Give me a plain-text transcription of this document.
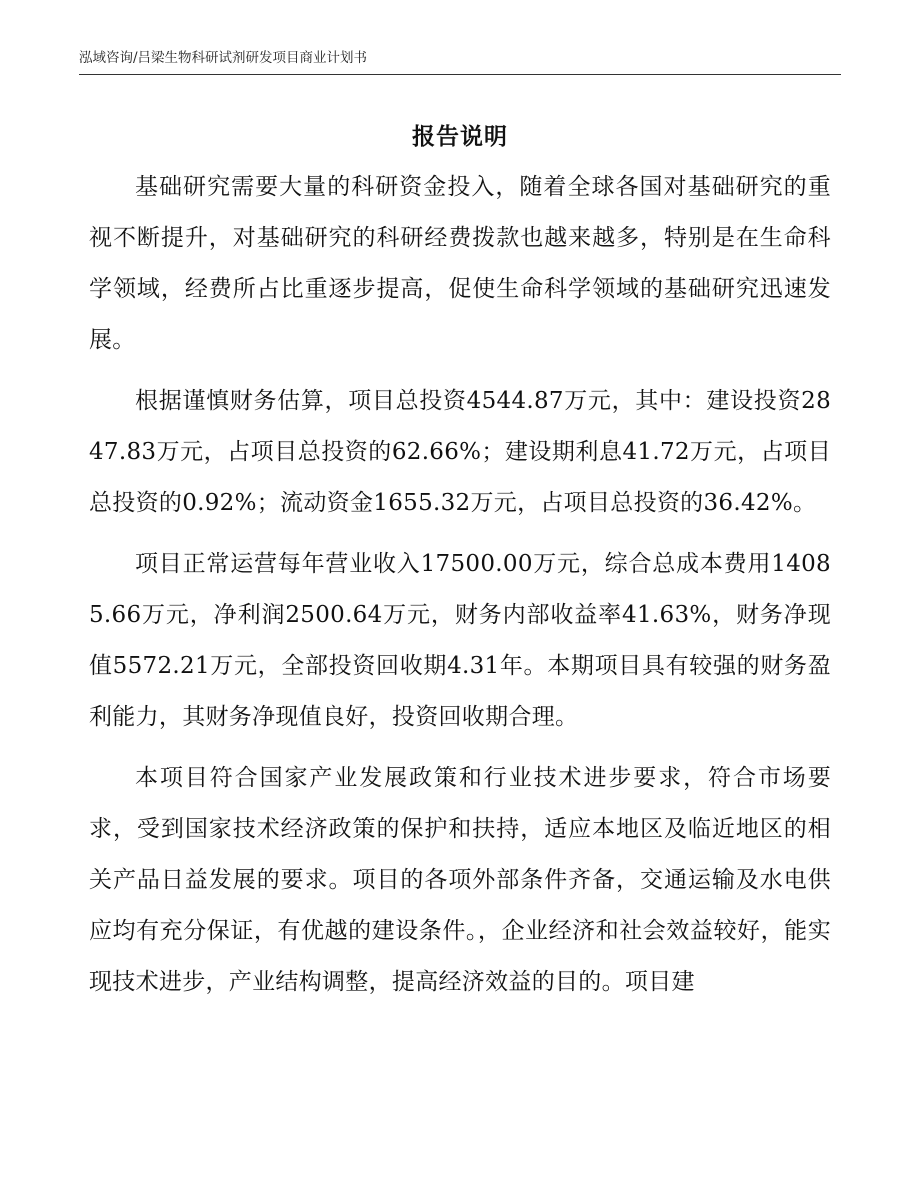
泓域咨询/吕梁生物科研试剂研发项目商业计划书
报告说明

基础研究需要大量的科研资金投入，随着全球各国对基础研究的重视不断提升，对基础研究的科研经费拨款也越来越多，特别是在生命科学领域，经费所占比重逐步提高，促使生命科学领域的基础研究迅速发展。

根据谨慎财务估算，项目总投资4544.87万元，其中：建设投资2847.83万元，占项目总投资的62.66%；建设期利息41.72万元，占项目总投资的0.92%；流动资金1655.32万元，占项目总投资的36.42%。

项目正常运营每年营业收入17500.00万元，综合总成本费用14085.66万元，净利润2500.64万元，财务内部收益率41.63%，财务净现值5572.21万元，全部投资回收期4.31年。本期项目具有较强的财务盈利能力，其财务净现值良好，投资回收期合理。

本项目符合国家产业发展政策和行业技术进步要求，符合市场要求，受到国家技术经济政策的保护和扶持，适应本地区及临近地区的相关产品日益发展的要求。项目的各项外部条件齐备，交通运输及水电供应均有充分保证，有优越的建设条件。，企业经济和社会效益较好，能实现技术进步，产业结构调整，提高经济效益的目的。项目建
